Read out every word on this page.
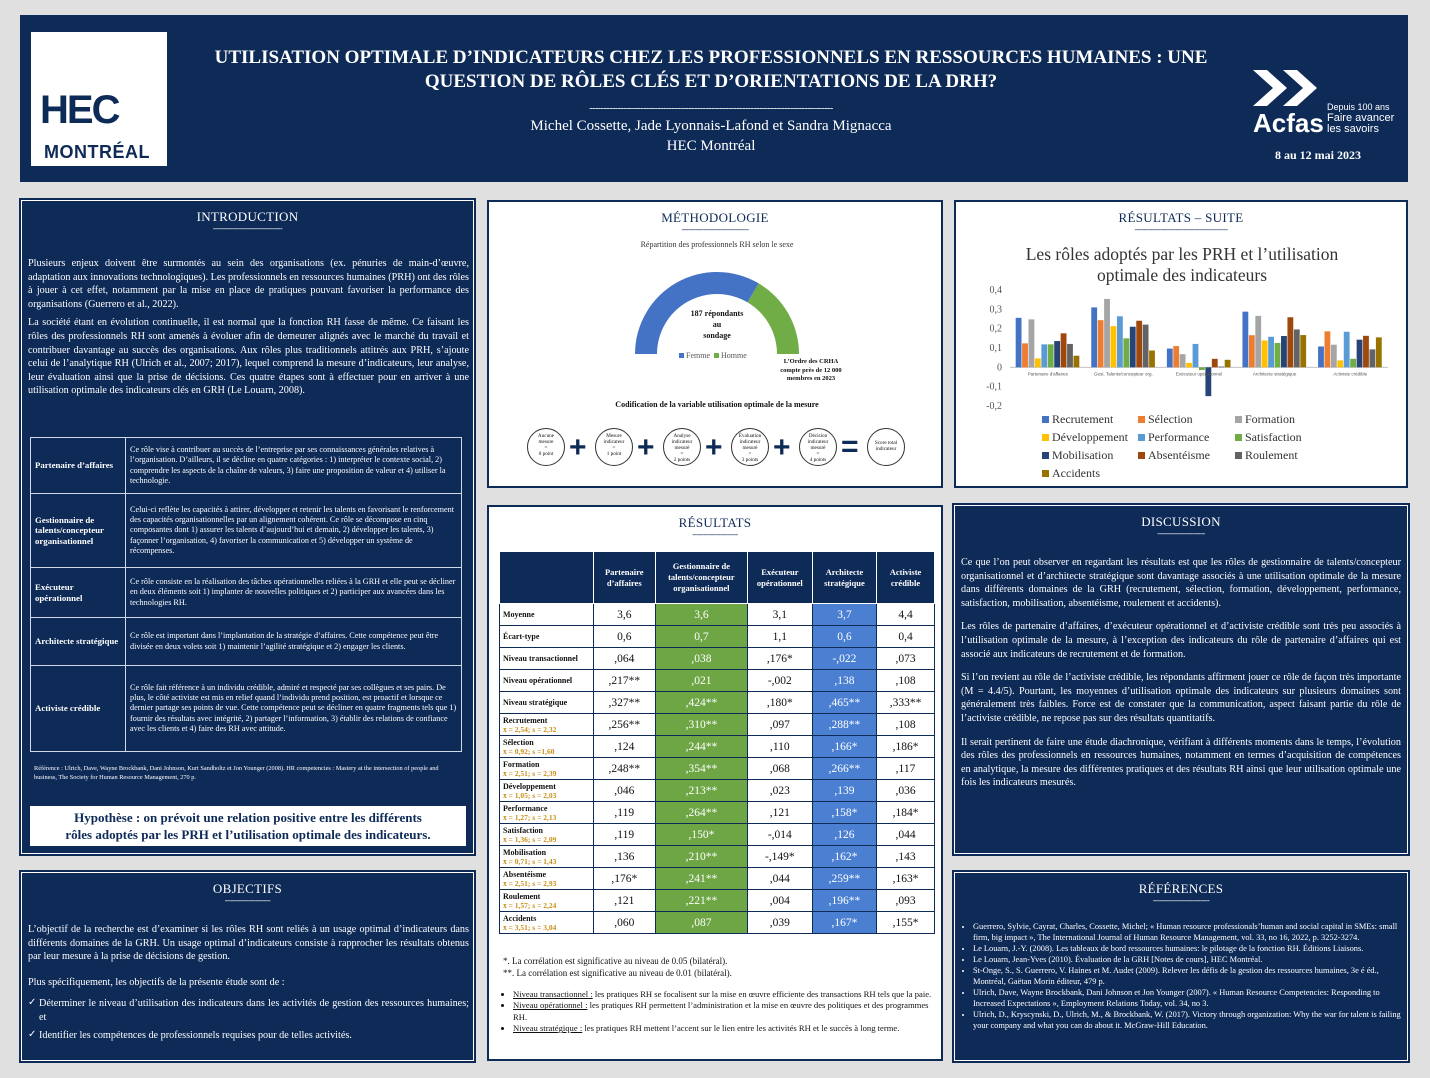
HEC
MONTRÉAL
UTILISATION OPTIMALE D’INDICATEURS CHEZ LES PROFESSIONNELS EN RESSOURCES HUMAINES : UNE
QUESTION DE RÔLES CLÉS ET D’ORIENTATIONS DE LA DRH?
--------------------------------------------------------------------------------------
Michel Cossette, Jade Lyonnais-Lafond et Sandra Mignacca
HEC Montréal
Acfas
Depuis 100 ans
Faire avancer
les savoirs
8 au 12 mai 2023
INTRODUCTION
--------------------------------

Plusieurs enjeux doivent être surmontés au sein des organisations (ex. pénuries de main-d’œuvre, adaptation aux innovations technologiques). Les professionnels en ressources humaines (PRH) ont des rôles à jouer à cet effet, notamment par la mise en place de pratiques pouvant favoriser la performance des organisations (Guerrero et al., 2022).

La société étant en évolution continuelle, il est normal que la fonction RH fasse de même. Ce faisant les rôles des professionnels RH sont amenés à évoluer afin de demeurer alignés avec le marché du travail et contribuer davantage au succès des organisations. Aux rôles plus traditionnels attitrés aux PRH, s’ajoute celui de l’analytique RH (Ulrich et al., 2007; 2017), lequel comprend la mesure d’indicateurs, leur analyse, leur évaluation ainsi que la prise de décisions. Ces quatre étapes sont à effectuer pour en arriver à une utilisation optimale des indicateurs clés en GRH (Le Louarn, 2008).

Partenaire d’affaires	Ce rôle vise à contribuer au succès de l’entreprise par ses connaissances générales relatives à l’organisation. D’ailleurs, il se décline en quatre catégories : 1) interpréter le contexte social, 2) comprendre les aspects de la chaîne de valeurs, 3) faire une proposition de valeur et 4) utiliser la technologie.
Gestionnaire de talents/concepteur organisationnel	Celui-ci reflète les capacités à attirer, développer et retenir les talents en favorisant le renforcement des capacités organisationnelles par un alignement cohérent. Ce rôle se décompose en cinq composantes dont 1) assurer les talents d’aujourd’hui et demain, 2) développer les talents, 3) façonner l’organisation, 4) favoriser la communication et 5) développer un système de récompenses.
Exécuteur opérationnel	Ce rôle consiste en la réalisation des tâches opérationnelles reliées à la GRH et elle peut se décliner en deux éléments soit 1) implanter de nouvelles politiques et 2) participer aux avancées dans les technologies RH.
Architecte stratégique	Ce rôle est important dans l’implantation de la stratégie d’affaires. Cette compétence peut être divisée en deux volets soit 1) maintenir l’agilité stratégique et 2) engager les clients.
Activiste crédible	Ce rôle fait référence à un individu crédible, admiré et respecté par ses collègues et ses pairs. De plus, le côté activiste est mis en relief quand l’individu prend position, est proactif et lorsque ce dernier partage ses points de vue. Cette compétence peut se décliner en quatre fragments tels que 1) fournir des résultats avec intégrité, 2) partager l’information, 3) établir des relations de confiance avec les clients et 4) faire des RH avec attitude.
Référence : Ulrich, Dave, Wayne Brockbank, Dani Johnson, Kurt Sandholtz et Jon Younger (2008). HR competencies : Mastery at the intersection of people and business, The Society for Human Resource Management, 270 p.
Hypothèse : on prévoit une relation positive entre les différents
rôles adoptés par les PRH et l’utilisation optimale des indicateurs.
OBJECTIFS
---------------------

L’objectif de la recherche est d’examiner si les rôles RH sont reliés à un usage optimal d’indicateurs dans différents domaines de la GRH. Un usage optimal d’indicateurs consiste à rapprocher les résultats obtenus par leur mesure à la prise de décisions de gestion.

Plus spécifiquement, les objectifs de la présente étude sont de :

✓ Déterminer le niveau d’utilisation des indicateurs dans les activités de gestion des ressources humaines; et

✓ Identifier les compétences de professionnels requises pour de telles activités.

MÉTHODOLOGIE
-------------------------------
Répartition des professionnels RH selon le sexe
187 répondants
au
sondage
Femme Homme
L’Ordre des CRHA
compte près de 12 000
membres en 2023
Codification de la variable utilisation optimale de la mesure
Aucune
mesure
=
0 point +	Mesure
indicateur
=
1 point +	Analyse
indicateur mesuré
=
2 points +	Évaluation
indicateur mesuré
=
3 points +	Décision
indicateur mesuré
=
4 points =	Score total
indicateur
RÉSULTATS – SUITE
-------------------------------------------
Les rôles adoptés par les PRH et l’utilisation optimale des indicateurs
0,4
0,3
0,2
0,1
0
-0,1
-0,2
Partenaire d'affaires	Gest. Talents/concepteur org.	Exécuteur opérationnel	Architecte stratégique	Activiste crédible
Recrutement	Sélection	FormationDéveloppement Performance	SatisfactionMobilisation	Absentéisme	RoulementAccidents
RÉSULTATS
---------------------
	Partenaire d’affaires	Gestionnaire de talents/concepteur organisationnel	Exécuteur opérationnel	Architecte stratégique	Activiste crédible

Moyenne	3,6	3,6	3,1	3,7	4,4

Écart-type	0,6	0,7	1,1	0,6	0,4

Niveau transactionnel	,064	,038	,176*	-,022	,073

Niveau opérationnel	,217**	,021	-,002	,138	,108

Niveau stratégique	,327**	,424**	,180*	,465**	,333**

Recrutement
x̄ = 2,54; s = 2,32	,256**	,310**	,097	,288**	,108

Sélection
x̄ = 0,92; s =1,60	,124	,244**	,110	,166*	,186*

Formation
x̄ = 2,51; s = 2,39	,248**	,354**	,068	,266**	,117

Développement
x̄ = 1,05; s = 2,03	,046	,213**	,023	,139	,036

Performance
x̄ = 1,27; s = 2,13	,119	,264**	,121	,158*	,184*

Satisfaction
x̄ = 1,36; s = 2,09	,119	,150*	-,014	,126	,044

Mobilisation
x̄ = 0,71; s = 1,43	,136	,210**	-,149*	,162*	,143

Absentéisme
x̄ = 2,51; s = 2,93	,176*	,241**	,044	,259**	,163*

Roulement
x̄ = 1,57; s = 2,24	,121	,221**	,004	,196**	,093

Accidents
x̄ = 3,51; s = 3,04	,060	,087	,039	,167*	,155*
*. La corrélation est significative au niveau de 0.05 (bilatéral).
**. La corrélation est significative au niveau de 0.01 (bilatéral).
• Niveau transactionnel : les pratiques RH se focalisent sur la mise en œuvre efficiente des transactions RH tels que la paie.
• Niveau opérationnel : les pratiques RH permettent l’administration et la mise en œuvre des politiques et des programmes RH.
• Niveau stratégique : les pratiques RH mettent l’accent sur le lien entre les activités RH et le succès à long terme.
DISCUSSION
----------------------

Ce que l’on peut observer en regardant les résultats est que les rôles de gestionnaire de talents/concepteur organisationnel et d’architecte stratégique sont davantage associés à une utilisation optimale de la mesure dans différents domaines de la GRH (recrutement, sélection, formation, développement, performance, satisfaction, mobilisation, absentéisme, roulement et accidents).

Les rôles de partenaire d’affaires, d’exécuteur opérationnel et d’activiste crédible sont très peu associés à l’utilisation optimale de la mesure, à l’exception des indicateurs du rôle de partenaire d’affaires qui est associé aux indicateurs de recrutement et de formation.

Si l’on revient au rôle de l’activiste crédible, les répondants affirment jouer ce rôle de façon très importante (M = 4.4/5). Pourtant, les moyennes d’utilisation optimale des indicateurs sur plusieurs domaines sont généralement très faibles. Force est de constater que la communication, aspect faisant partie du rôle de l’activiste crédible, ne repose pas sur des résultats quantitatifs.

Il serait pertinent de faire une étude diachronique, vérifiant à différents moments dans le temps, l’évolution des rôles des professionnels en ressources humaines, notamment en termes d’acquisition de compétences en analytique, la mesure des différentes pratiques et des résultats RH ainsi que leur utilisation optimale une fois les indicateurs mesurés.

RÉFÉRENCES
--------------------------
• Guerrero, Sylvie, Cayrat, Charles, Cossette, Michel; « Human resource professionals’human and social capital in SMEs: small firm, big impact », The International Journal of Human Resource Management, vol. 33, no 16, 2022, p. 3252-3274.
• Le Louarn, J.-Y. (2008). Les tableaux de bord ressources humaines: le pilotage de la fonction RH. Éditions Liaisons.
• Le Louarn, Jean-Yves (2010). Évaluation de la GRH [Notes de cours], HEC Montréal.
• St-Onge, S., S. Guerrero, V. Haines et M. Audet (2009). Relever les défis de la gestion des ressources humaines, 3e é éd., Montréal, Gaëtan Morin éditeur, 479 p.
• Ulrich, Dave, Wayne Brockbank, Dani Johnson et Jon Younger (2007). « Human Resource Competencies: Responding to Increased Expectations », Employment Relations Today, vol. 34, no 3.
• Ulrich, D., Kryscynski, D., Ulrich, M., & Brockbank, W. (2017). Victory through organization: Why the war for talent is failing your company and what you can do about it. McGraw-Hill Education.
